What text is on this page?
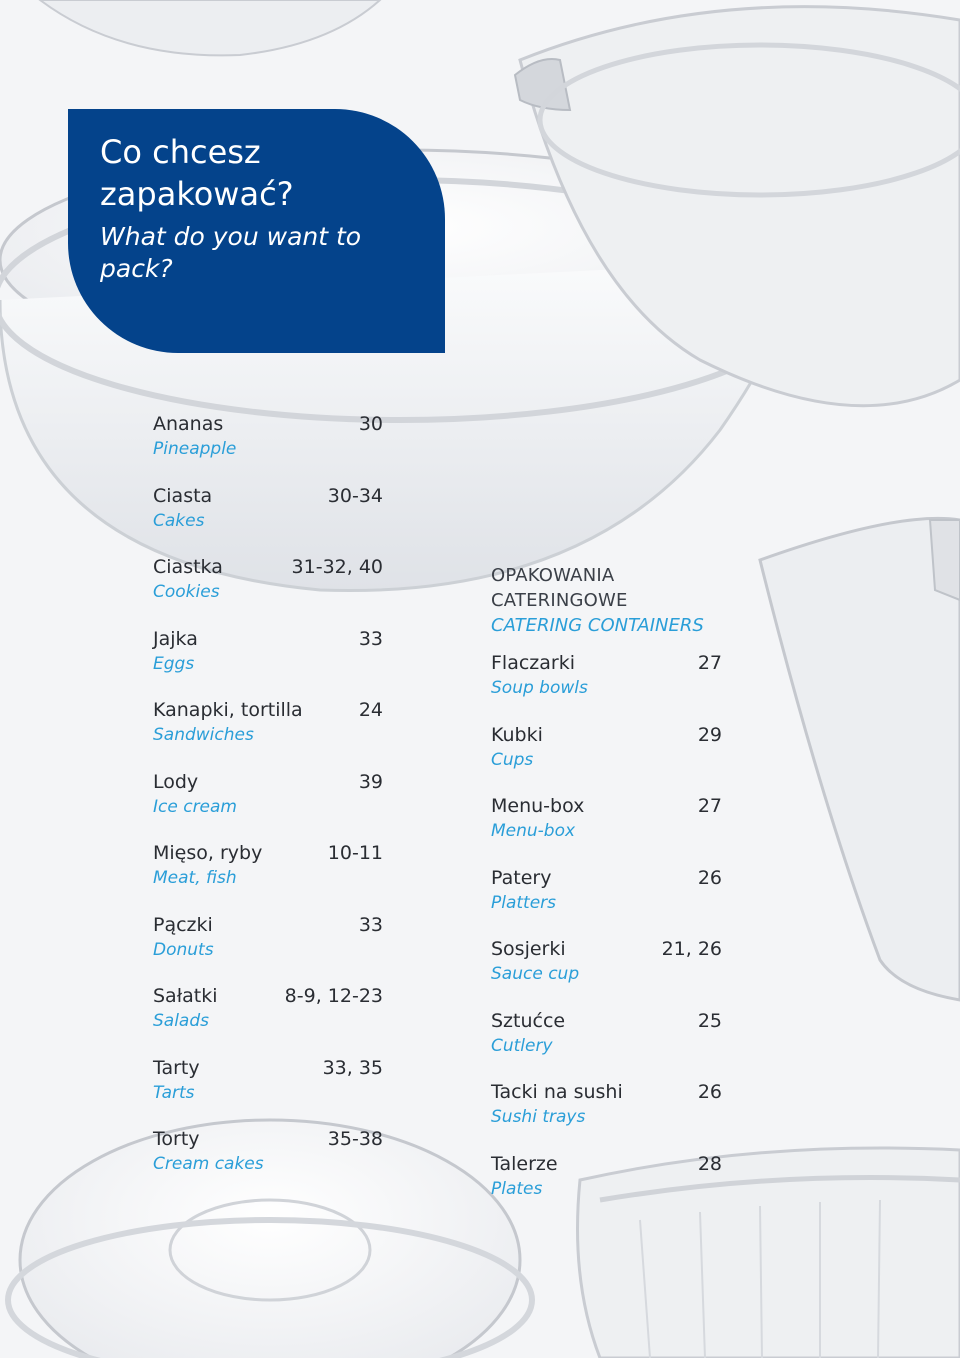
Co chcesz zapakować?

What do you want to pack?

Ananas
Pineapple
30
Ciasta
Cakes
30-34
Ciastka
Cookies
31-32, 40
Jajka
Eggs
33
Kanapki, tortilla
Sandwiches
24
Lody
Ice cream
39
Mięso, ryby
Meat, fish
10-11
Pączki
Donuts
33
Sałatki
Salads
8-9, 12-23
Tarty
Tarts
33, 35
Torty
Cream cakes
35-38
OPAKOWANIA CATERINGOWE
CATERING CONTAINERS
Flaczarki
Soup bowls
27
Kubki
Cups
29
Menu-box
Menu-box
27
Patery
Platters
26
Sosjerki
Sauce cup
21, 26
Sztućce
Cutlery
25
Tacki na sushi
Sushi trays
26
Talerze
Plates
28
